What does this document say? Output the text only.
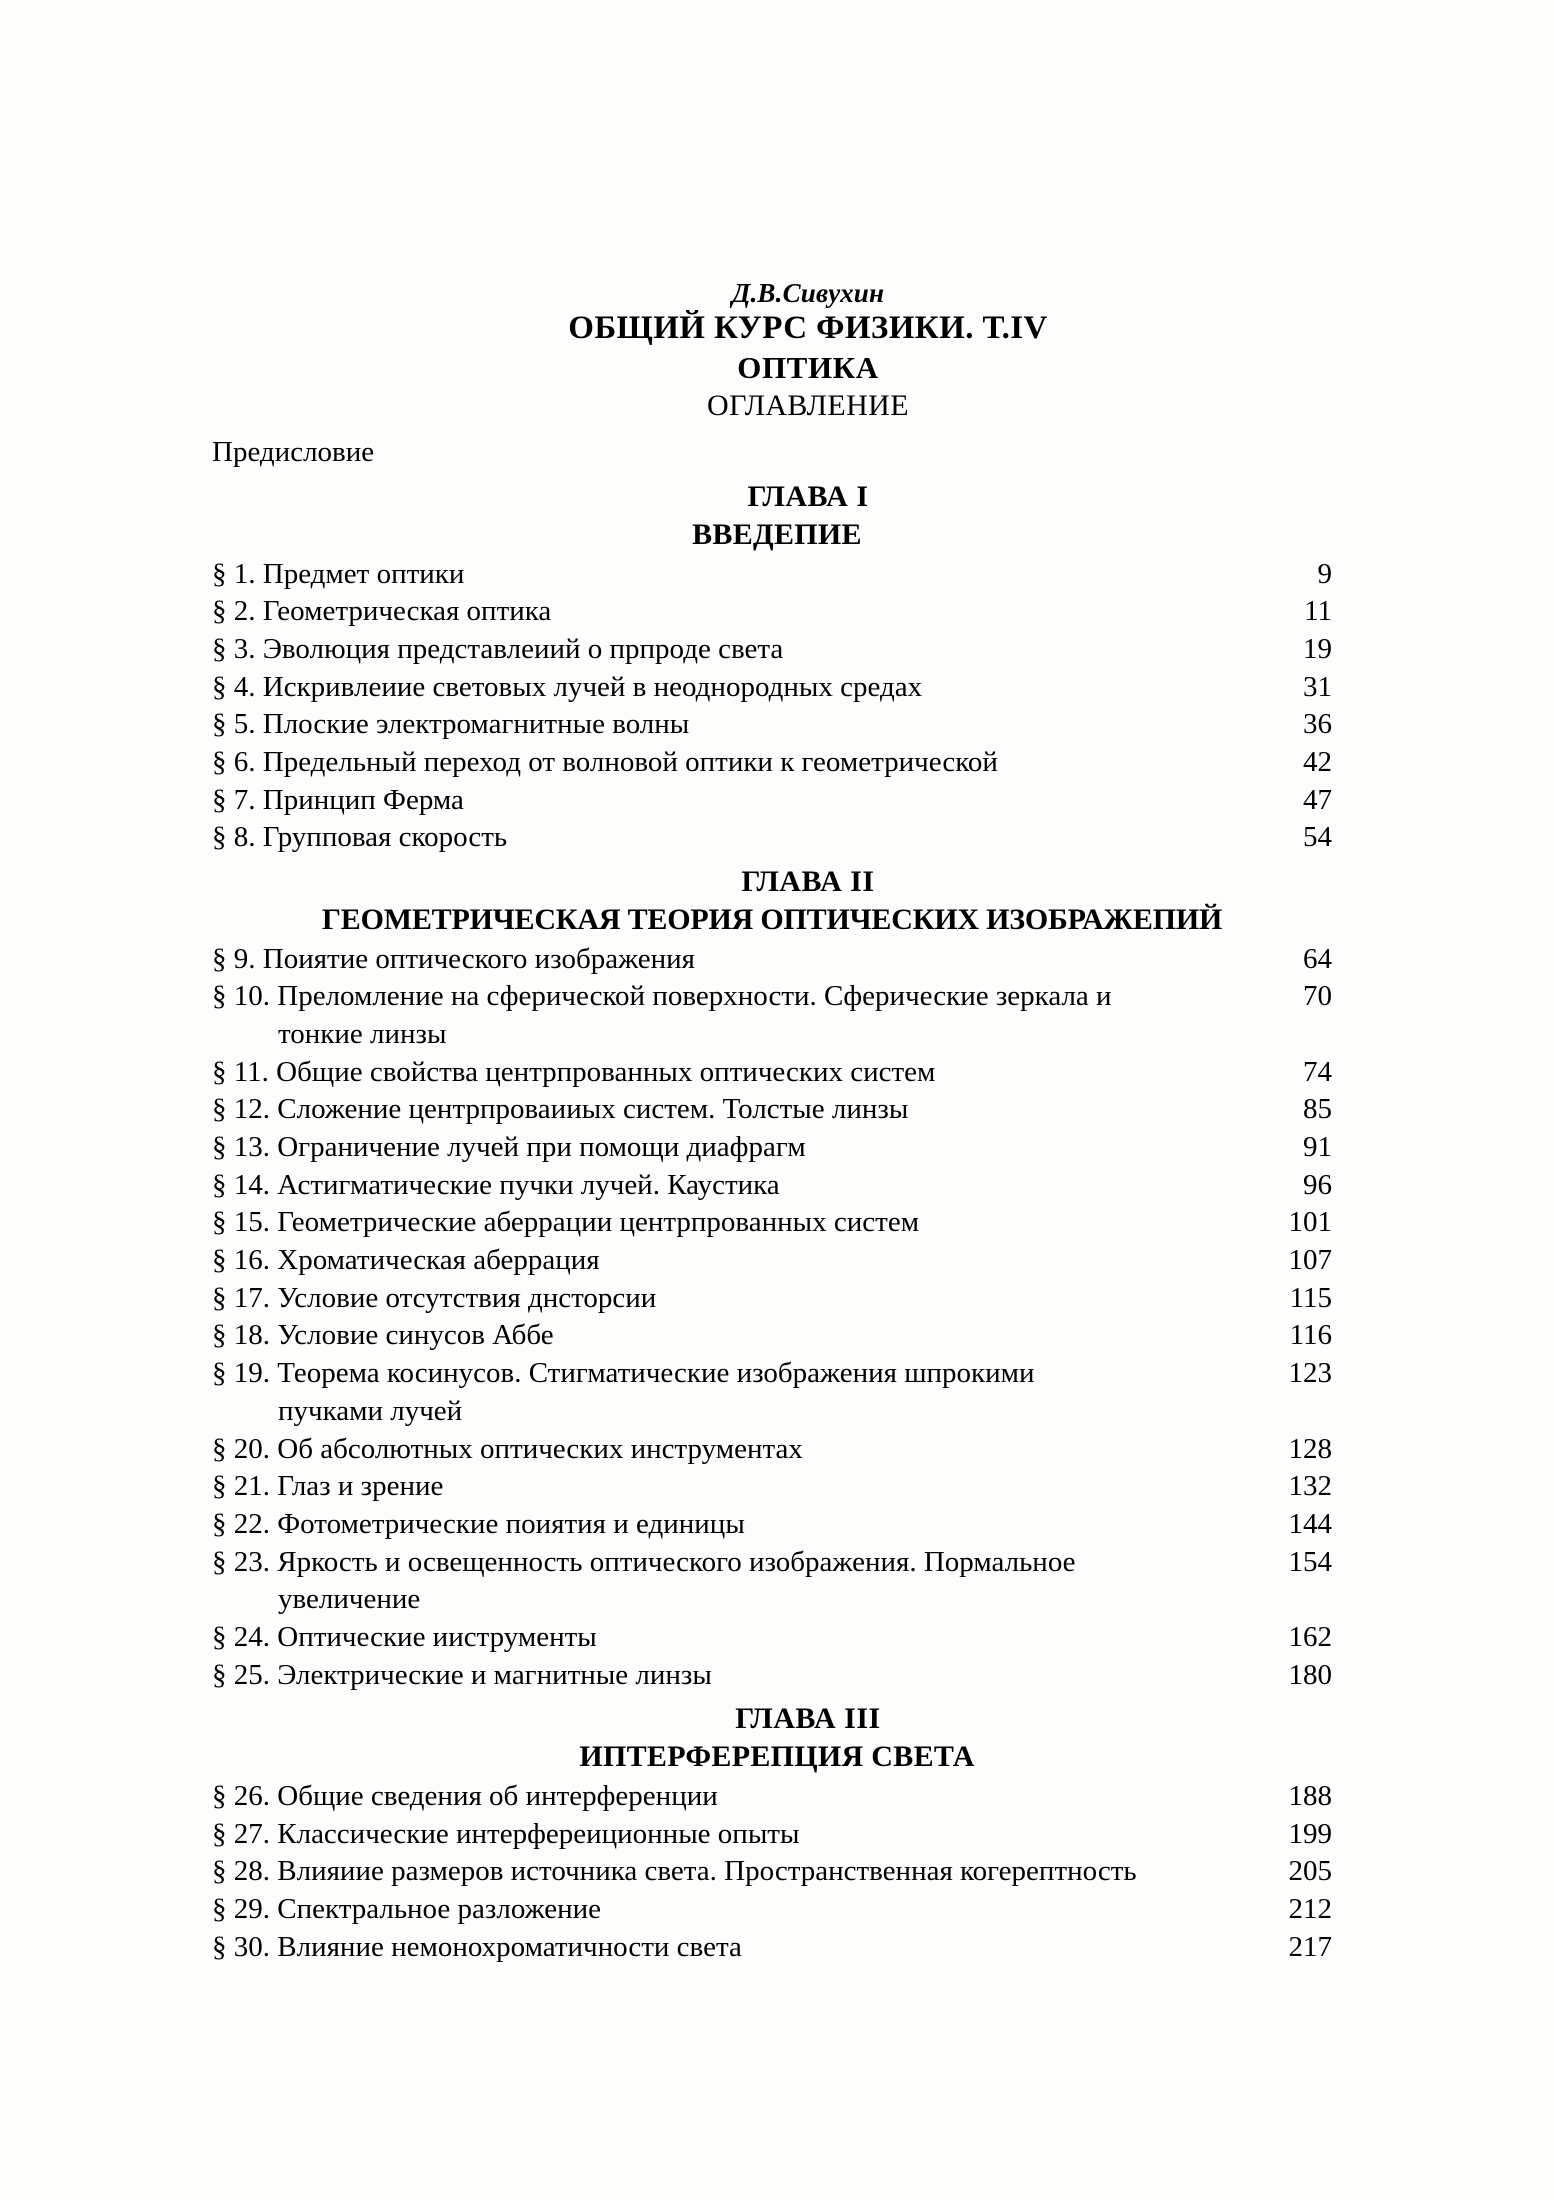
Д.В.Сивухин
ОБЩИЙ КУРС ФИЗИКИ. Т.IV
ОПТИКА
ОГЛАВЛЕНИЕ
Предисловие
ГЛАВА I
ВВЕДЕПИЕ
§ 1. Предмет оптики	9
§ 2. Геометрическая оптика	11
§ 3. Эволюция представлеиий о прпроде света	19
§ 4. Искривлеиие световых лучей в неоднородных средах	31
§ 5. Плоские электромагнитные волны	36
§ 6. Предельный переход от волновой оптики к геометрической	42
§ 7. Принцип Ферма	47
§ 8. Групповая скорость	54
ГЛАВА II
ГЕОМЕТРИЧЕСКАЯ ТЕОРИЯ ОПТИЧЕСКИХ ИЗОБРАЖЕПИЙ
§ 9. Поиятие оптического изображения	64
§ 10. Преломление на сферической поверхности. Сферические зеркала и	70
тонкие линзы
§ 11. Общие свойства центрпрованных оптических систем	74
§ 12. Сложение центрпроваииых систем. Толстые линзы	85
§ 13. Ограничение лучей при помощи диафрагм	91
§ 14. Астигматические пучки лучей. Каустика	96
§ 15. Геометрические аберрации центрпрованных систем	101
§ 16. Хроматическая аберрация	107
§ 17. Условие отсутствия днсторсии	115
§ 18. Условие синусов Аббе	116
§ 19. Теорема косинусов. Стигматические изображения шпрокими	123
пучками лучей
§ 20. Об абсолютных оптических инструментах	128
§ 21. Глаз и зрение	132
§ 22. Фотометрические поиятия и единицы	144
§ 23. Яркость и освещенность оптического изображения. Пормальное	154
увеличение
§ 24. Оптические ииструменты	162
§ 25. Электрические и магнитные линзы	180
ГЛАВА III
ИПТЕРФЕРЕПЦИЯ СВЕТА
§ 26. Общие сведения об интерференции	188
§ 27. Классические интерфереиционные опыты	199
§ 28. Влияиие размеров источника света. Пространственная когерептность	205
§ 29. Спектральное разложение	212
§ 30. Влияние немонохроматичности света	217
